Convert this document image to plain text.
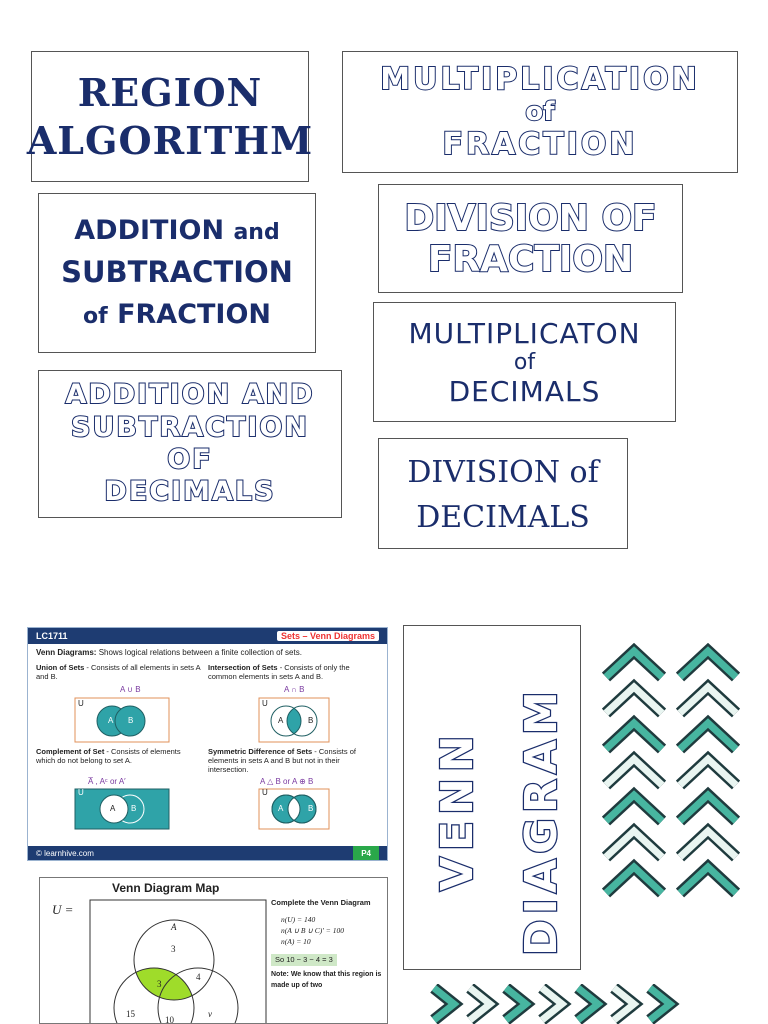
REGION
ALGORITHM
MULTIPLICATION
of
FRACTION
ADDITION and
SUBTRACTION
of FRACTION
DIVISION OF
FRACTION
MULTIPLICATON
of
DECIMALS
ADDITION AND
SUBTRACTION
OF
DECIMALS
DIVISION of
DECIMALS
LC1711	Sets – Venn Diagrams
Venn Diagrams: Shows logical relations between a finite collection of sets.
Union of Sets - Consists of all elements in sets A and B.
A ∪ B
U
A B
Intersection of Sets - Consists of only the common elements in sets A and B.
A ∩ B
U
A	B
Complement of Set - Consists of elements which do not belong to set A.
A̅ , Aᶜ or A′
U
A B
Symmetric Difference of Sets - Consists of elements in sets A and B but not in their intersection.
A △ B or A ⊕ B
U
A	B
© learnhive.com	P4
Venn Diagram Map
U =
A
3
3
4
15
10
v
Complete the Venn Diagram
n(U) = 140
n(A ∪ B ∪ C)′ = 100
n(A) = 10
So 10 − 3 − 4 = 3
Note: We know that this region is made up of two
VENN DIAGRAM
